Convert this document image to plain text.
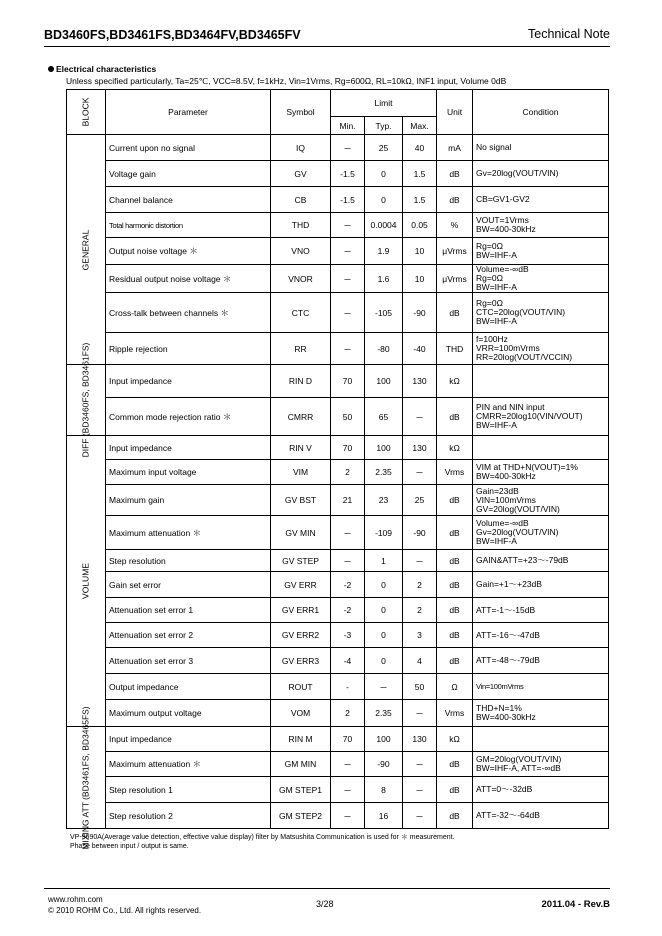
BD3460FS,BD3461FS,BD3464FV,BD3465FV	Technical Note
Electrical characteristics
Unless specified particularly, Ta=25℃, VCC=8.5V, f=1kHz, Vin=1Vrms, Rg=600Ω, RL=10kΩ, INF1 input, Volume 0dB
BLOCK	Parameter	Symbol	Limit			Unit	Condition
			Min.	Typ.	Max.		

GENERAL	Current upon no signal	IQ	─	25	40	mA	No signal

	Voltage gain	GV	-1.5	0	1.5	dB	Gv=20log(VOUT/VIN)

	Channel balance	CB	-1.5	0	1.5	dB	CB=GV1-GV2

	Total harmonic distortion	THD	─	0.0004	0.05	%	VOUT=1Vrms
BW=400-30kHz

	Output noise voltage ＊	VNO	─	1.9	10	μVrms	Rg=0Ω
BW=IHF-A

	Residual output noise voltage ＊	VNOR	─	1.6	10	μVrms	Volume=-∞dB
Rg=0Ω
BW=IHF-A

	Cross-talk between channels ＊	CTC	─	-105	-90	dB	Rg=0Ω
CTC=20log(VOUT/VIN)
BW=IHF-A

	Ripple rejection	RR	─	-80	-40	THD	f=100Hz
VRR=100mVrms
RR=20log(VOUT/VCCIN)

DIFF (BD3460FS, BD3461FS)	Input impedance	RIN D	70	100	130	kΩ	

	Common mode rejection ratio ＊	CMRR	50	65	─	dB	PIN and NIN input
CMRR=20log10(VIN/VOUT)
BW=IHF-A

VOLUME	Input impedance	RIN V	70	100	130	kΩ	

	Maximum input voltage	VIM	2	2.35	─	Vrms	VIM at THD+N(VOUT)=1%
BW=400-30kHz

	Maximum gain	GV BST	21	23	25	dB	Gain=23dB
VIN=100mVrms
GV=20log(VOUT/VIN)

	Maximum attenuation ＊	GV MIN	─	-109	-90	dB	Volume=-∞dB
Gv=20log(VOUT/VIN)
BW=IHF-A

	Step resolution	GV STEP	─	1	─	dB	GAIN&ATT=+23〜-79dB

	Gain set error	GV ERR	-2	0	2	dB	Gain=+1〜+23dB

	Attenuation set error 1	GV ERR1	-2	0	2	dB	ATT=-1〜-15dB

	Attenuation set error 2	GV ERR2	-3	0	3	dB	ATT=-16〜-47dB

	Attenuation set error 3	GV ERR3	-4	0	4	dB	ATT=-48〜-79dB

	Output impedance	ROUT	-	─	50	Ω	Vin=100mVrms

	Maximum output voltage	VOM	2	2.35	─	Vrms	THD+N=1%
BW=400-30kHz

MIXING ATT (BD3461FS, BD3465FS)	Input impedance	RIN M	70	100	130	kΩ	

	Maximum attenuation ＊	GM MIN	─	-90	─	dB	GM=20log(VOUT/VIN)
BW=IHF-A, ATT=-∞dB

	Step resolution 1	GM STEP1	─	8	─	dB	ATT=0〜-32dB

	Step resolution 2	GM STEP2	─	16	─	dB	ATT=-32〜-64dB
VP-9690A(Average value detection, effective value display) filter by Matsushita Communication is used for ＊ measurement.
Phase between input / output is same.
www.rohm.com
© 2010 ROHM Co., Ltd. All rights reserved.
3/28	2011.04 - Rev.B
